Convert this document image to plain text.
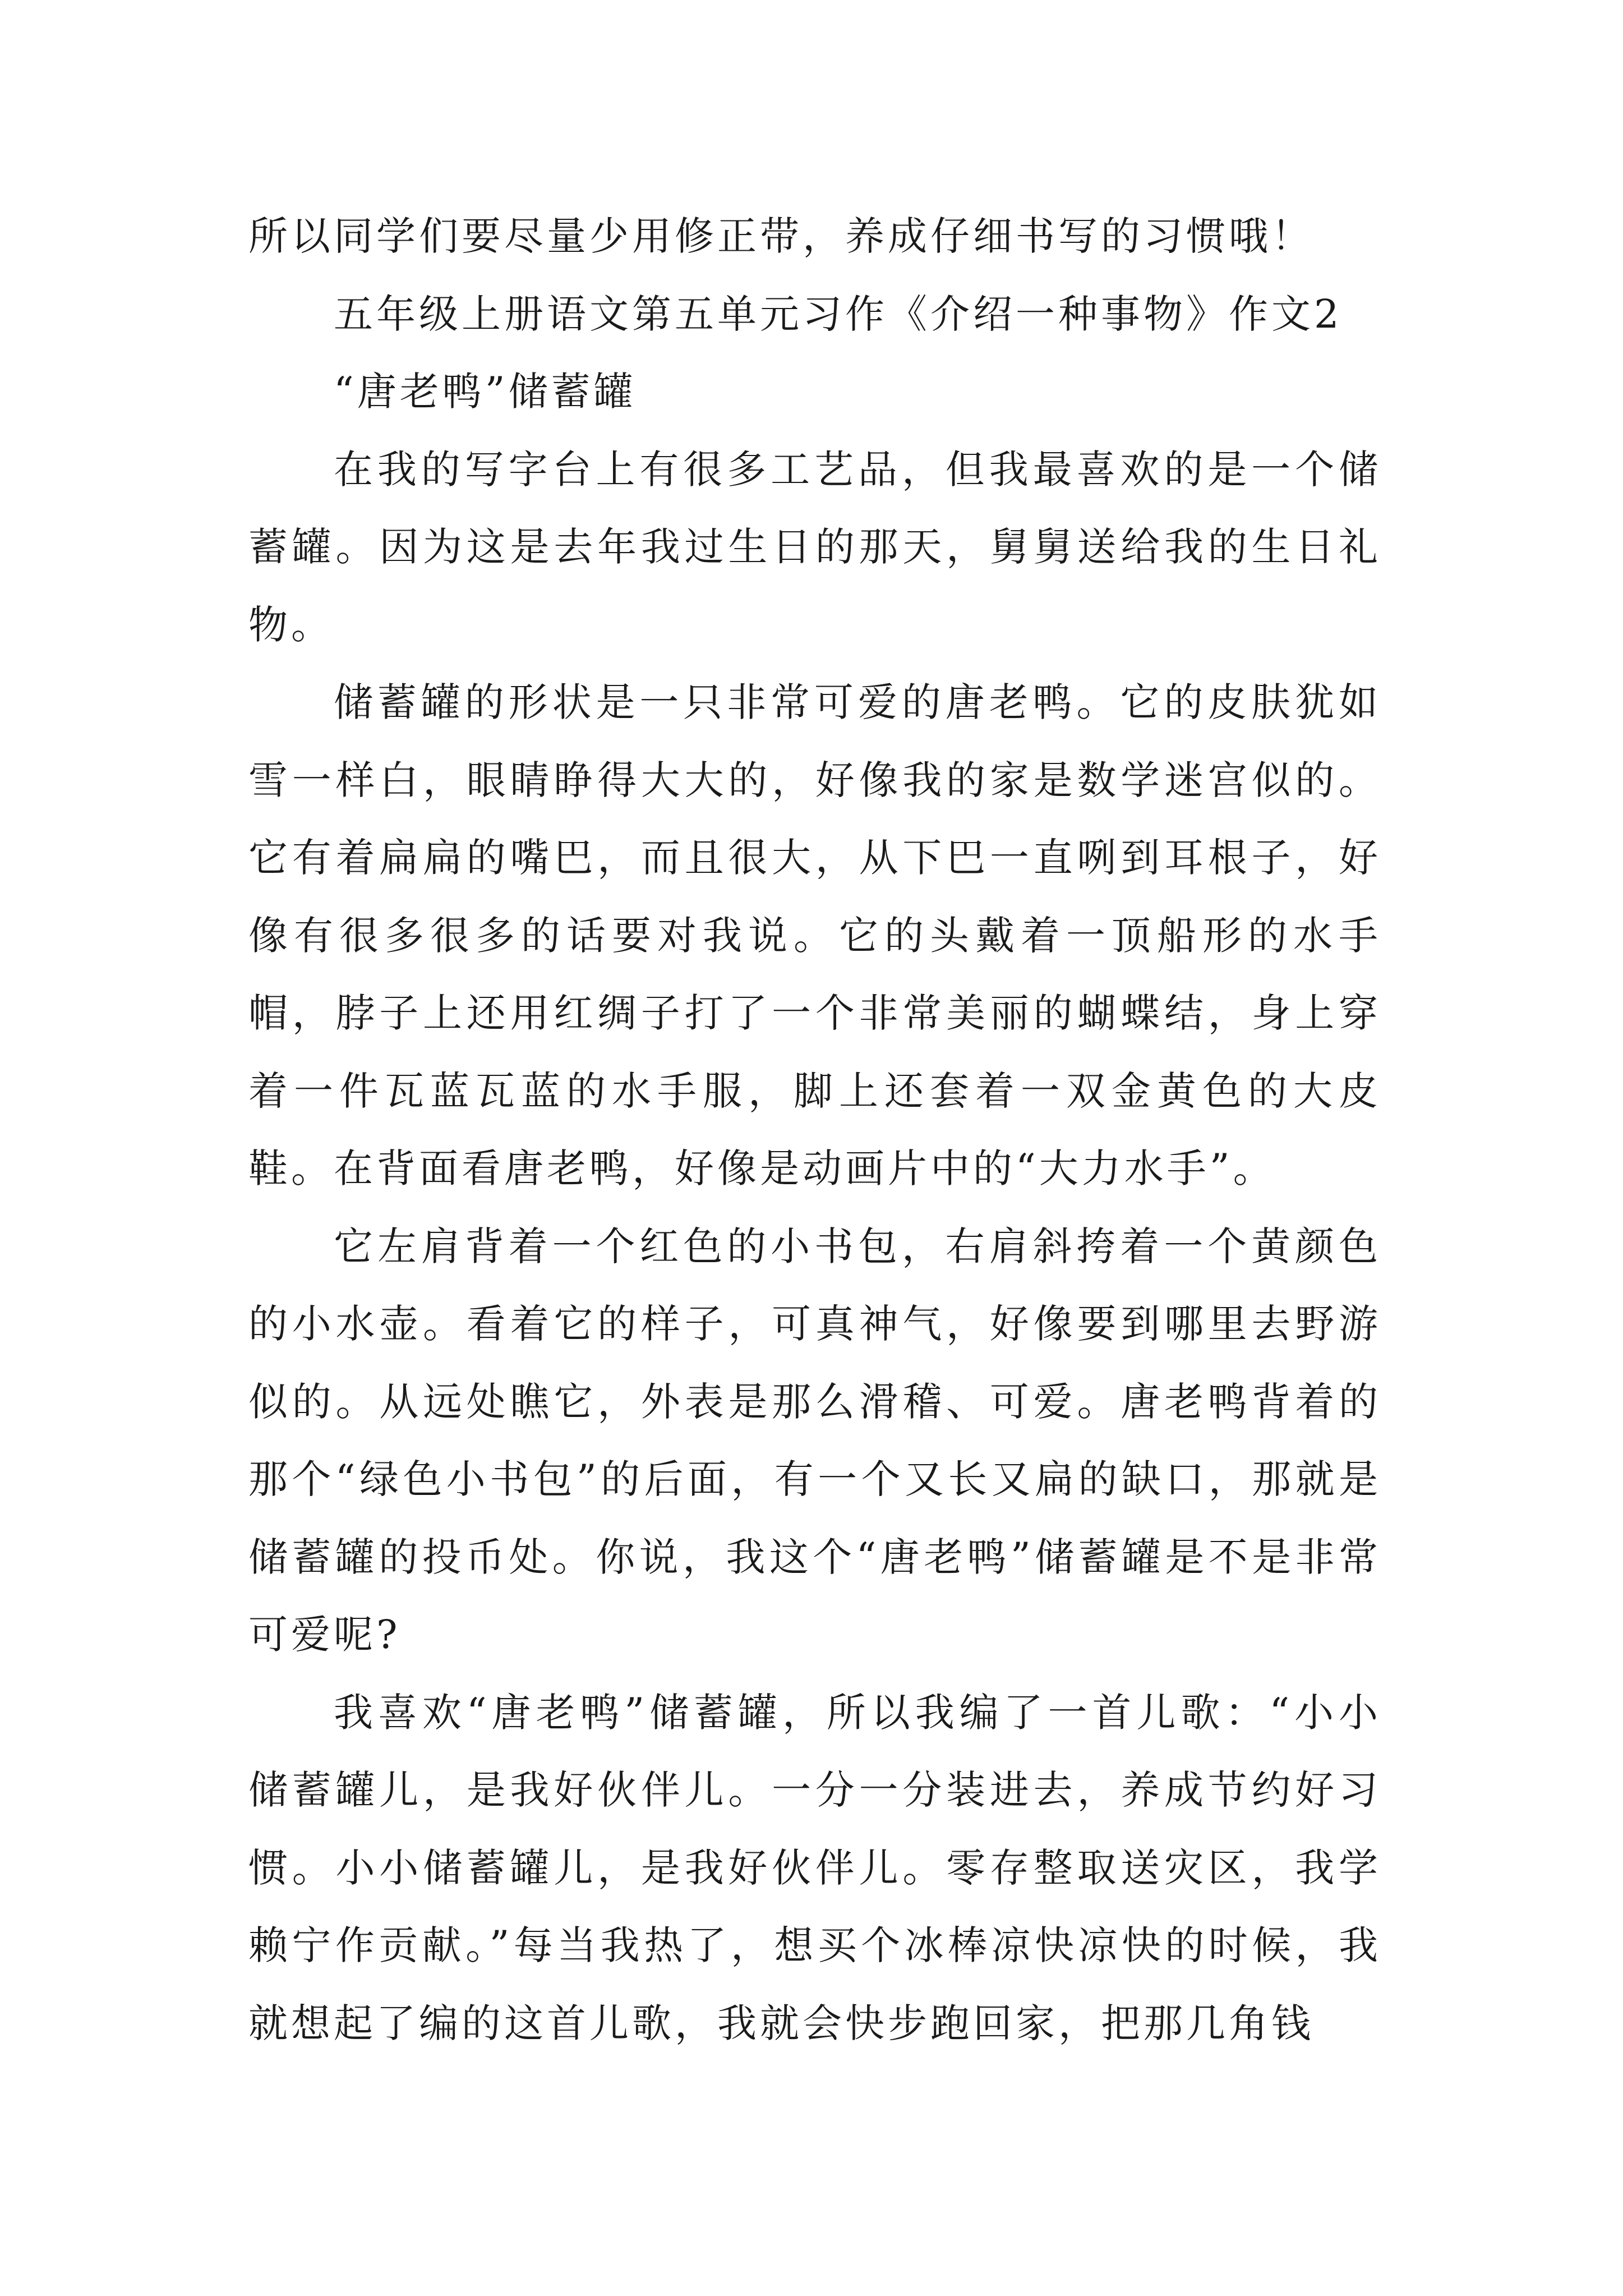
所以同学们要尽量少用修正带，养成仔细书写的习惯哦！

五年级上册语文第五单元习作《介绍一种事物》作文2

“唐老鸭”储蓄罐

在我的写字台上有很多工艺品，但我最喜欢的是一个储蓄罐。因为这是去年我过生日的那天，舅舅送给我的生日礼物。

储蓄罐的形状是一只非常可爱的唐老鸭。它的皮肤犹如雪一样白，眼睛睁得大大的，好像我的家是数学迷宫似的。它有着扁扁的嘴巴，而且很大，从下巴一直咧到耳根子，好像有很多很多的话要对我说。它的头戴着一顶船形的水手帽，脖子上还用红绸子打了一个非常美丽的蝴蝶结，身上穿着一件瓦蓝瓦蓝的水手服，脚上还套着一双金黄色的大皮鞋。在背面看唐老鸭，好像是动画片中的“大力水手”。

它左肩背着一个红色的小书包，右肩斜挎着一个黄颜色的小水壶。看着它的样子，可真神气，好像要到哪里去野游似的。从远处瞧它，外表是那么滑稽、可爱。唐老鸭背着的那个“绿色小书包”的后面，有一个又长又扁的缺口，那就是储蓄罐的投币处。你说，我这个“唐老鸭”储蓄罐是不是非常可爱呢?

我喜欢“唐老鸭”储蓄罐，所以我编了一首儿歌：“小小储蓄罐儿，是我好伙伴儿。一分一分装进去，养成节约好习惯。小小储蓄罐儿，是我好伙伴儿。零存整取送灾区，我学赖宁作贡献。”每当我热了，想买个冰棒凉快凉快的时候，我就想起了编的这首儿歌，我就会快步跑回家，把那几角钱
